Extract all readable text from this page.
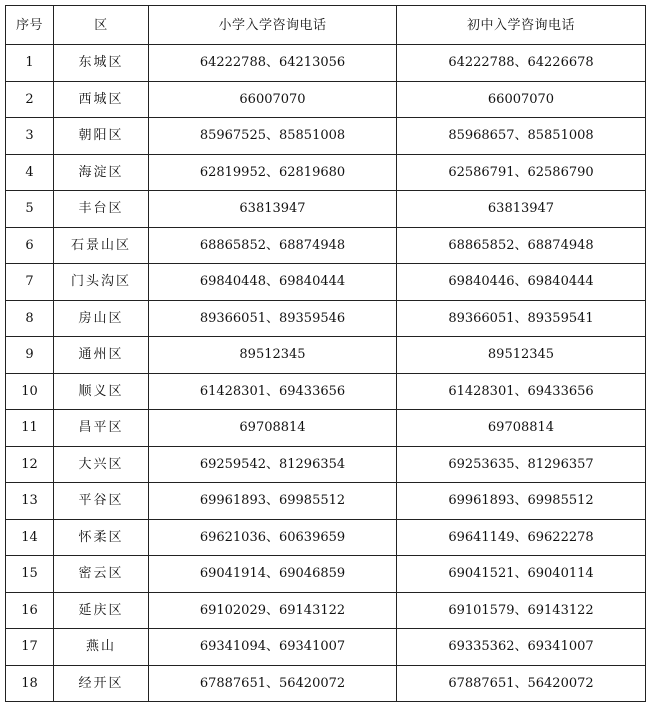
序号	区	小学入学咨询电话	初中入学咨询电话
1	东城区	64222788、64213056	64222788、64226678
2	西城区	66007070	66007070
3	朝阳区	85967525、85851008	85968657、85851008
4	海淀区	62819952、62819680	62586791、62586790
5	丰台区	63813947	63813947
6	石景山区	68865852、68874948	68865852、68874948
7	门头沟区	69840448、69840444	69840446、69840444
8	房山区	89366051、89359546	89366051、89359541
9	通州区	89512345	89512345
10	顺义区	61428301、69433656	61428301、69433656
11	昌平区	69708814	69708814
12	大兴区	69259542、81296354	69253635、81296357
13	平谷区	69961893、69985512	69961893、69985512
14	怀柔区	69621036、60639659	69641149、69622278
15	密云区	69041914、69046859	69041521、69040114
16	延庆区	69102029、69143122	69101579、69143122
17	燕山	69341094、69341007	69335362、69341007
18	经开区	67887651、56420072	67887651、56420072
